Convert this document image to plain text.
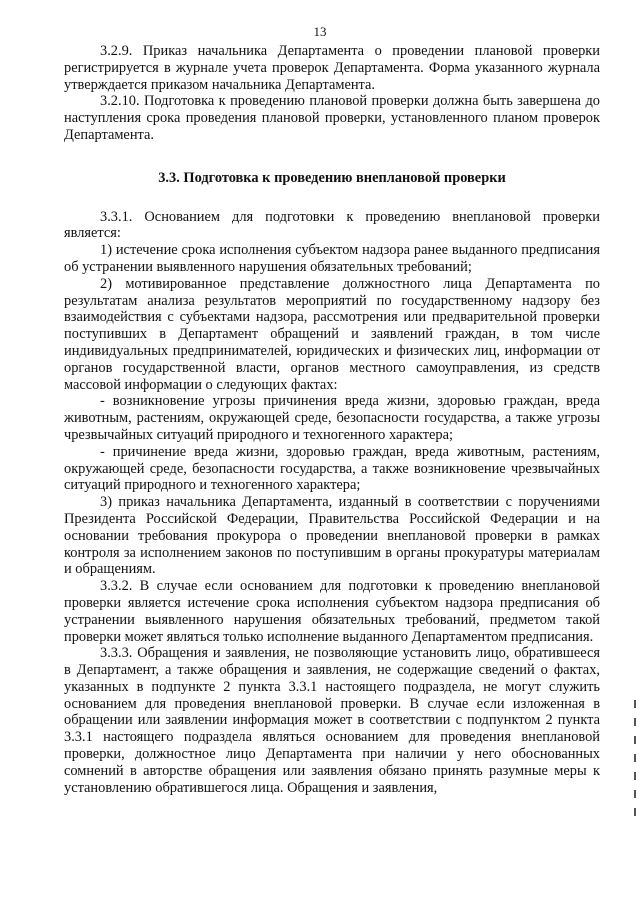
13

3.2.9. Приказ начальника Департамента о проведении плановой проверки регистрируется в журнале учета проверок Департамента. Форма указанного журнала утверждается приказом начальника Департамента.

3.2.10. Подготовка к проведению плановой проверки должна быть завершена до наступления срока проведения плановой проверки, установленного планом проверок Департамента.

3.3. Подготовка к проведению внеплановой проверки

3.3.1. Основанием для подготовки к проведению внеплановой проверки является:

1) истечение срока исполнения субъектом надзора ранее выданного предписания об устранении выявленного нарушения обязательных требований;

2) мотивированное представление должностного лица Департамента по результатам анализа результатов мероприятий по государственному надзору без взаимодействия с субъектами надзора, рассмотрения или предварительной проверки поступивших в Департамент обращений и заявлений граждан, в том числе индивидуальных предпринимателей, юридических и физических лиц, информации от органов государственной власти, органов местного самоуправления, из средств массовой информации о следующих фактах:

- возникновение угрозы причинения вреда жизни, здоровью граждан, вреда животным, растениям, окружающей среде, безопасности государства, а также угрозы чрезвычайных ситуаций природного и техногенного характера;

- причинение вреда жизни, здоровью граждан, вреда животным, растениям, окружающей среде, безопасности государства, а также возникновение чрезвычайных ситуаций природного и техногенного характера;

3) приказ начальника Департамента, изданный в соответствии с поручениями Президента Российской Федерации, Правительства Российской Федерации и на основании требования прокурора о проведении внеплановой проверки в рамках контроля за исполнением законов по поступившим в органы прокуратуры материалам и обращениям.

3.3.2. В случае если основанием для подготовки к проведению внеплановой проверки является истечение срока исполнения субъектом надзора предписания об устранении выявленного нарушения обязательных требований, предметом такой проверки может являться только исполнение выданного Департаментом предписания.

3.3.3. Обращения и заявления, не позволяющие установить лицо, обратившееся в Департамент, а также обращения и заявления, не содержащие сведений о фактах, указанных в подпункте 2 пункта 3.3.1 настоящего подраздела, не могут служить основанием для проведения внеплановой проверки. В случае если изложенная в обращении или заявлении информация может в соответствии с подпунктом 2 пункта 3.3.1 настоящего подраздела являться основанием для проведения внеплановой проверки, должностное лицо Департамента при наличии у него обоснованных сомнений в авторстве обращения или заявления обязано принять разумные меры к установлению обратившегося лица. Обращения и заявления,
